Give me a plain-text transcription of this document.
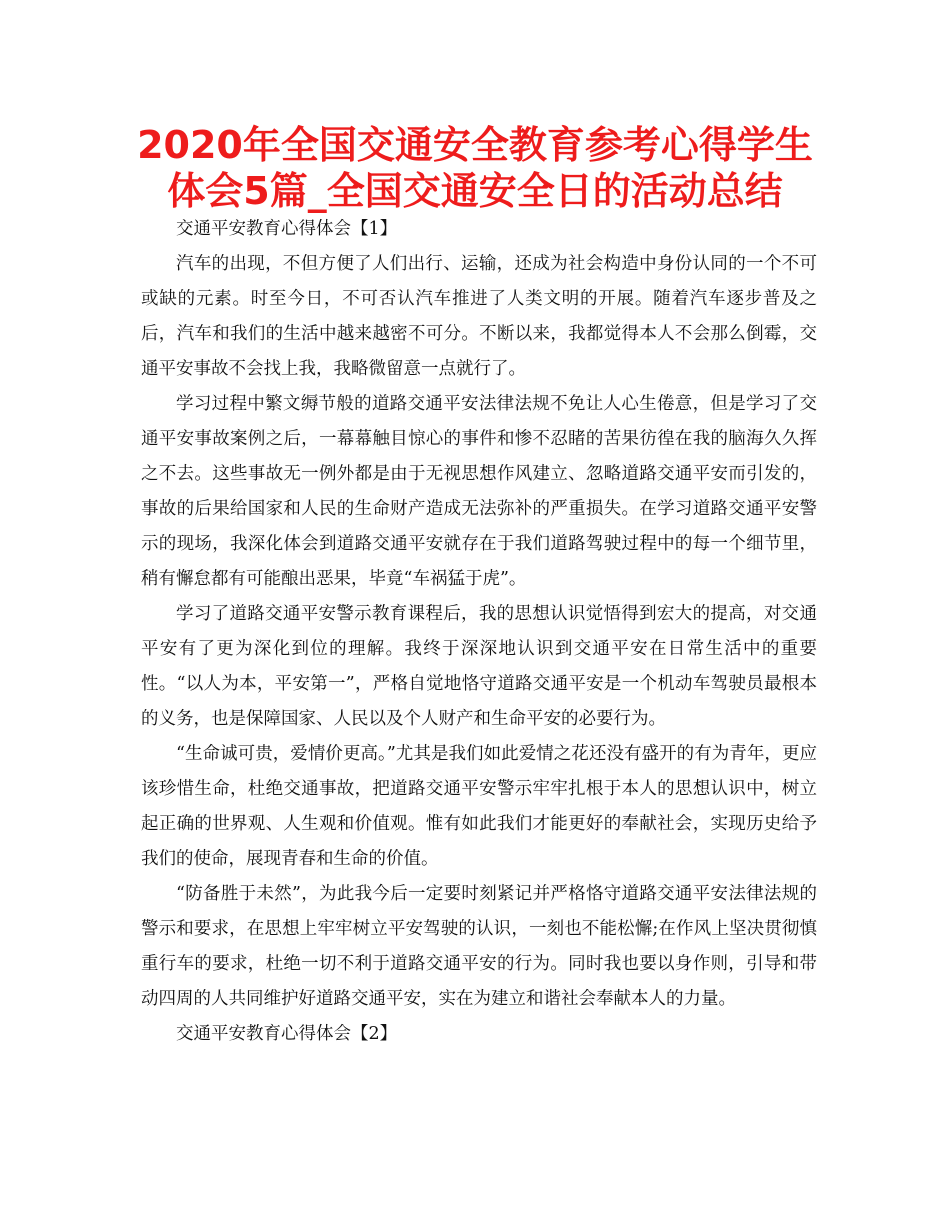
2020年全国交通安全教育参考心得学生体会5篇_全国交通安全日的活动总结

交通平安教育心得体会【1】

汽车的出现，不但方便了人们出行、运输，还成为社会构造中身份认同的一个不可或缺的元素。时至今日，不可否认汽车推进了人类文明的开展。随着汽车逐步普及之后，汽车和我们的生活中越来越密不可分。不断以来，我都觉得本人不会那么倒霉，交通平安事故不会找上我，我略微留意一点就行了。

学习过程中繁文缛节般的道路交通平安法律法规不免让人心生倦意，但是学习了交通平安事故案例之后，一幕幕触目惊心的事件和惨不忍睹的苦果彷徨在我的脑海久久挥之不去。这些事故无一例外都是由于无视思想作风建立、忽略道路交通平安而引发的，事故的后果给国家和人民的生命财产造成无法弥补的严重损失。在学习道路交通平安警示的现场，我深化体会到道路交通平安就存在于我们道路驾驶过程中的每一个细节里，稍有懈怠都有可能酿出恶果，毕竟“车祸猛于虎”。

学习了道路交通平安警示教育课程后，我的思想认识觉悟得到宏大的提高，对交通平安有了更为深化到位的理解。我终于深深地认识到交通平安在日常生活中的重要性。“以人为本，平安第一”，严格自觉地恪守道路交通平安是一个机动车驾驶员最根本的义务，也是保障国家、人民以及个人财产和生命平安的必要行为。

“生命诚可贵，爱情价更高。”尤其是我们如此爱情之花还没有盛开的有为青年，更应该珍惜生命，杜绝交通事故，把道路交通平安警示牢牢扎根于本人的思想认识中，树立起正确的世界观、人生观和价值观。惟有如此我们才能更好的奉献社会，实现历史给予我们的使命，展现青春和生命的价值。

“防备胜于未然”，为此我今后一定要时刻紧记并严格恪守道路交通平安法律法规的警示和要求，在思想上牢牢树立平安驾驶的认识，一刻也不能松懈;在作风上坚决贯彻慎重行车的要求，杜绝一切不利于道路交通平安的行为。同时我也要以身作则，引导和带动四周的人共同维护好道路交通平安，实在为建立和谐社会奉献本人的力量。

交通平安教育心得体会【2】
